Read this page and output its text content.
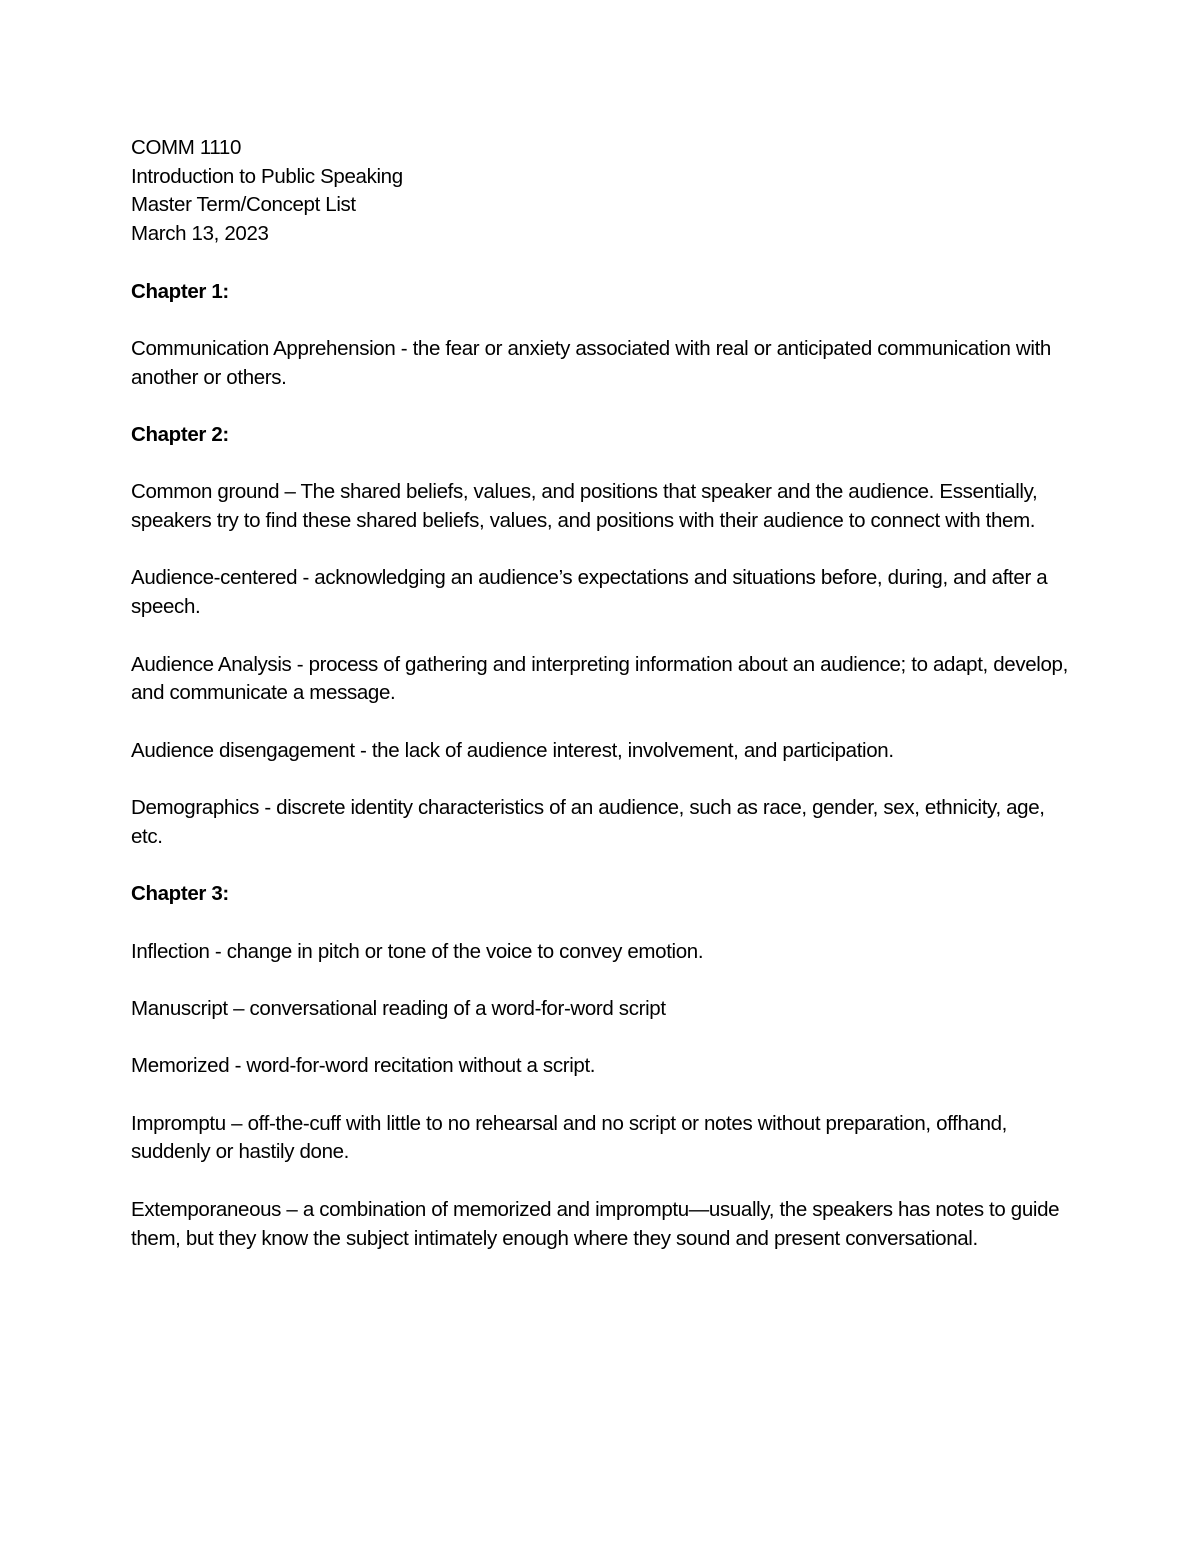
COMM 1110

Introduction to Public Speaking

Master Term/Concept List

March 13, 2023

Chapter 1:

Communication Apprehension - the fear or anxiety associated with real or anticipated communication with another or others.

Chapter 2:

Common ground – The shared beliefs, values, and positions that speaker and the audience. Essentially, speakers try to find these shared beliefs, values, and positions with their audience to connect with them.

Audience-centered - acknowledging an audience’s expectations and situations before, during, and after a speech.

Audience Analysis - process of gathering and interpreting information about an audience; to adapt, develop, and communicate a message.

Audience disengagement - the lack of audience interest, involvement, and participation.

Demographics - discrete identity characteristics of an audience, such as race, gender, sex, ethnicity, age, etc.

Chapter 3:

Inflection - change in pitch or tone of the voice to convey emotion.

Manuscript – conversational reading of a word-for-word script

Memorized - word-for-word recitation without a script.

Impromptu – off-the-cuff with little to no rehearsal and no script or notes without preparation, offhand, suddenly or hastily done.

Extemporaneous – a combination of memorized and impromptu—usually, the speakers has notes to guide them, but they know the subject intimately enough where they sound and present conversational.
